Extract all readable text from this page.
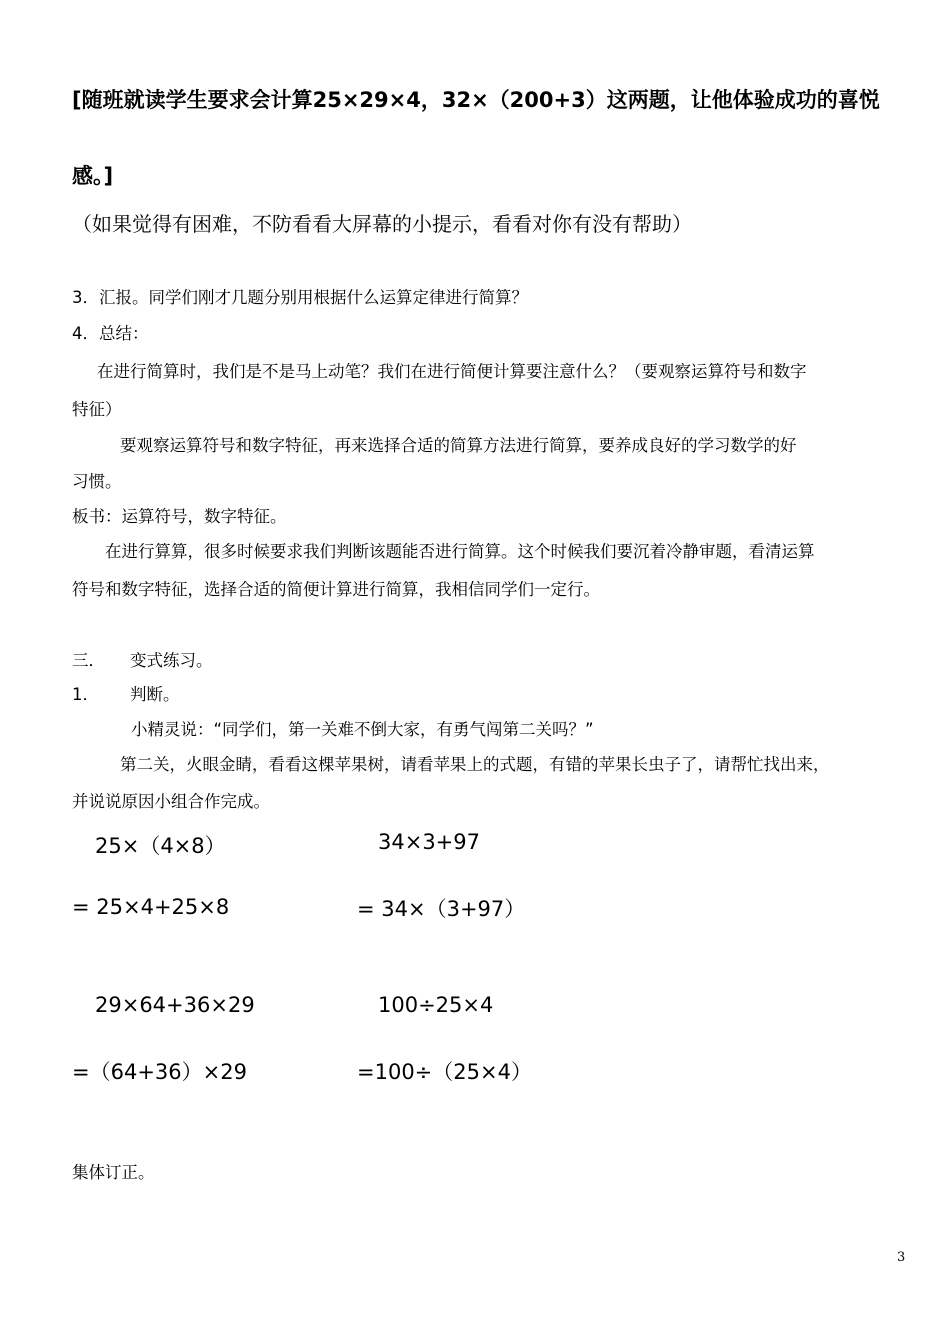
[随班就读学生要求会计算25×29×4，32×（200+3）这两题，让他体验成功的喜悦
感。]
（如果觉得有困难，不防看看大屏幕的小提示，看看对你有没有帮助）
3．汇报。同学们刚才几题分别用根据什么运算定律进行简算？
4．总结：
在进行简算时，我们是不是马上动笔？我们在进行简便计算要注意什么？（要观察运算符号和数字
特征）
要观察运算符号和数字特征，再来选择合适的简算方法进行简算，要养成良好的学习数学的好
习惯。
板书：运算符号，数字特征。
在进行算算，很多时候要求我们判断该题能否进行简算。这个时候我们要沉着冷静审题，看清运算
符号和数字特征，选择合适的简便计算进行简算，我相信同学们一定行。
三． 变式练习。
1． 判断。
小精灵说：“同学们，第一关难不倒大家，有勇气闯第二关吗？”
第二关，火眼金睛，看看这棵苹果树，请看苹果上的式题，有错的苹果长虫子了，请帮忙找出来，
并说说原因小组合作完成。
25×（4×8）	34×3+97
= 25×4+25×8	= 34×（3+97）
29×64+36×29	100÷25×4
=（64+36）×29	=100÷（25×4）
集体订正。
3
